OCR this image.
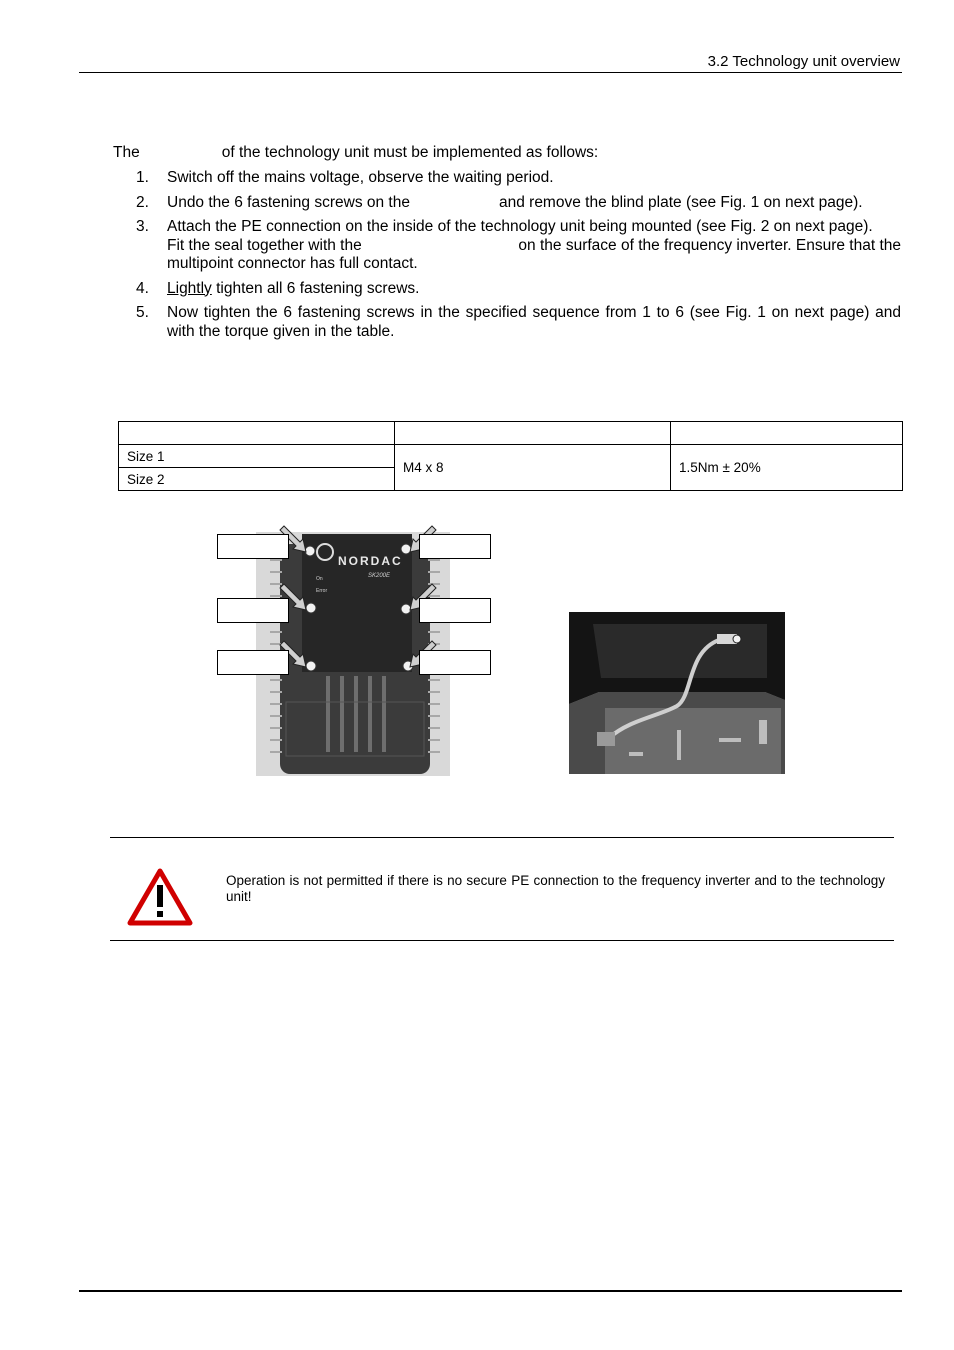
3.2 Technology unit overview
The	of the technology unit must be implemented as follows:
1.	Switch off the mains voltage, observe the waiting period.
2.	Undo the 6 fastening screws on the	and remove the blind plate (see Fig. 1 on next page).
3.	Attach the PE connection on the inside of the technology unit being mounted (see Fig. 2 on next page).
Fit the seal together with the	on the surface of the frequency inverter. Ensure that the
multipoint connector has full contact.
4.	Lightly tighten all 6 fastening screws.
5.	Now tighten the 6 fastening screws in the specified sequence from 1 to 6 (see Fig. 1 on next page) and with the torque given in the table.

Size 1	M4 x 8	1.5Nm ± 20%
Size 2		
NORDAC
SK200E
On
Error
Operation is not permitted if there is no secure PE connection to the frequency inverter and to the technology unit!
